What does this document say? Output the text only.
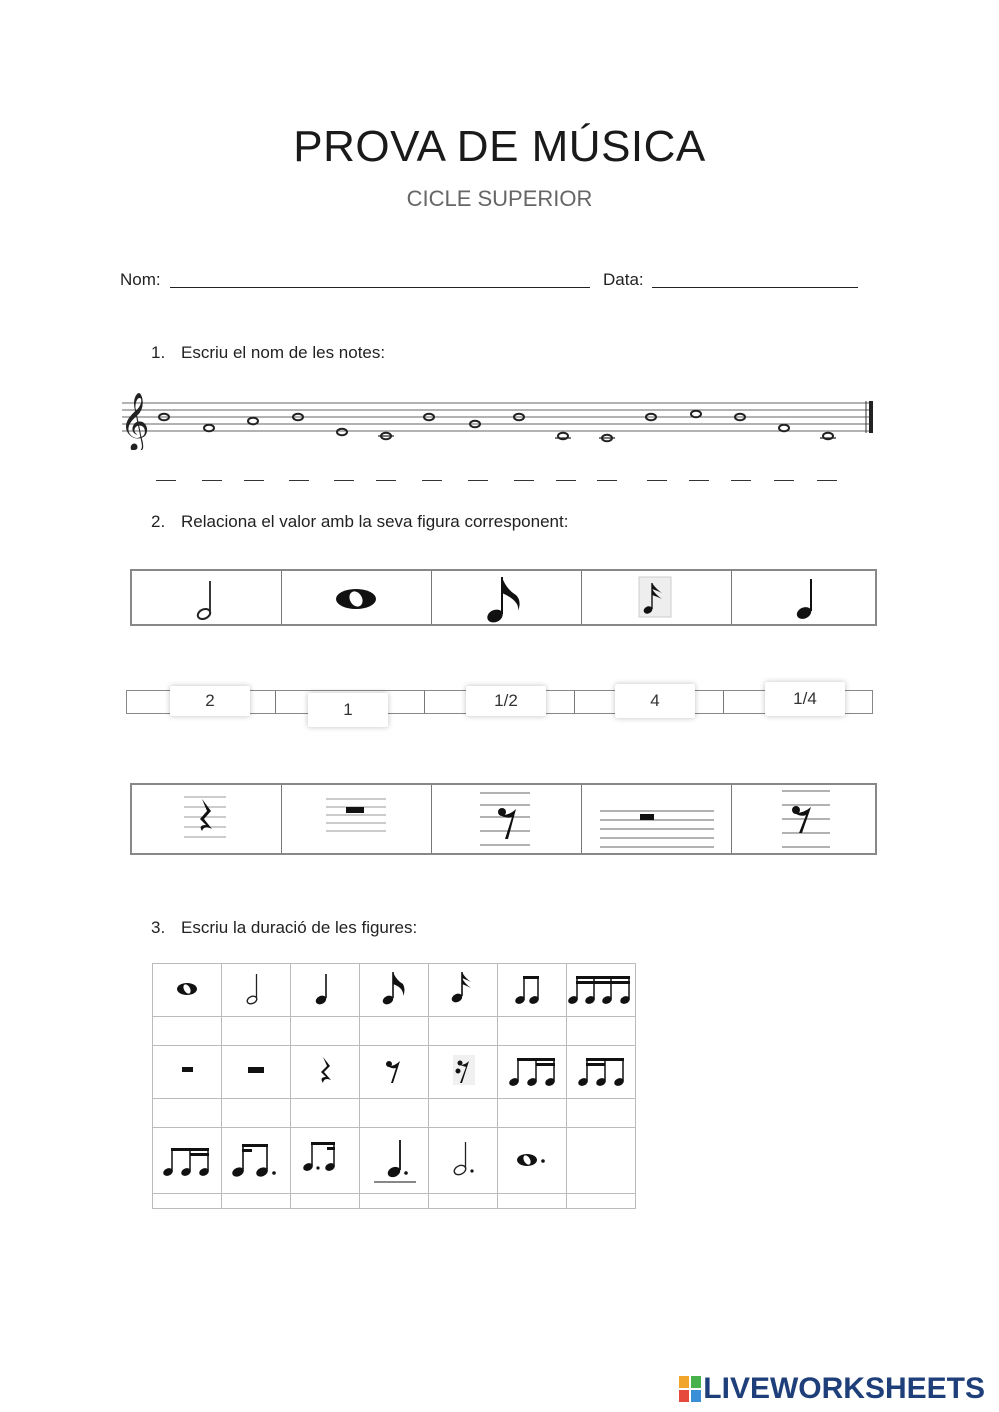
PROVA DE MÚSICA
CICLE SUPERIOR
Nom:	Data:
1. Escriu el nom de les notes:
𝄞
2. Relaciona el valor amb la seva figura corresponent:
2	1	1/2	4	1/4
3. Escriu la duració de les figures:

LIVEWORKSHEETS
